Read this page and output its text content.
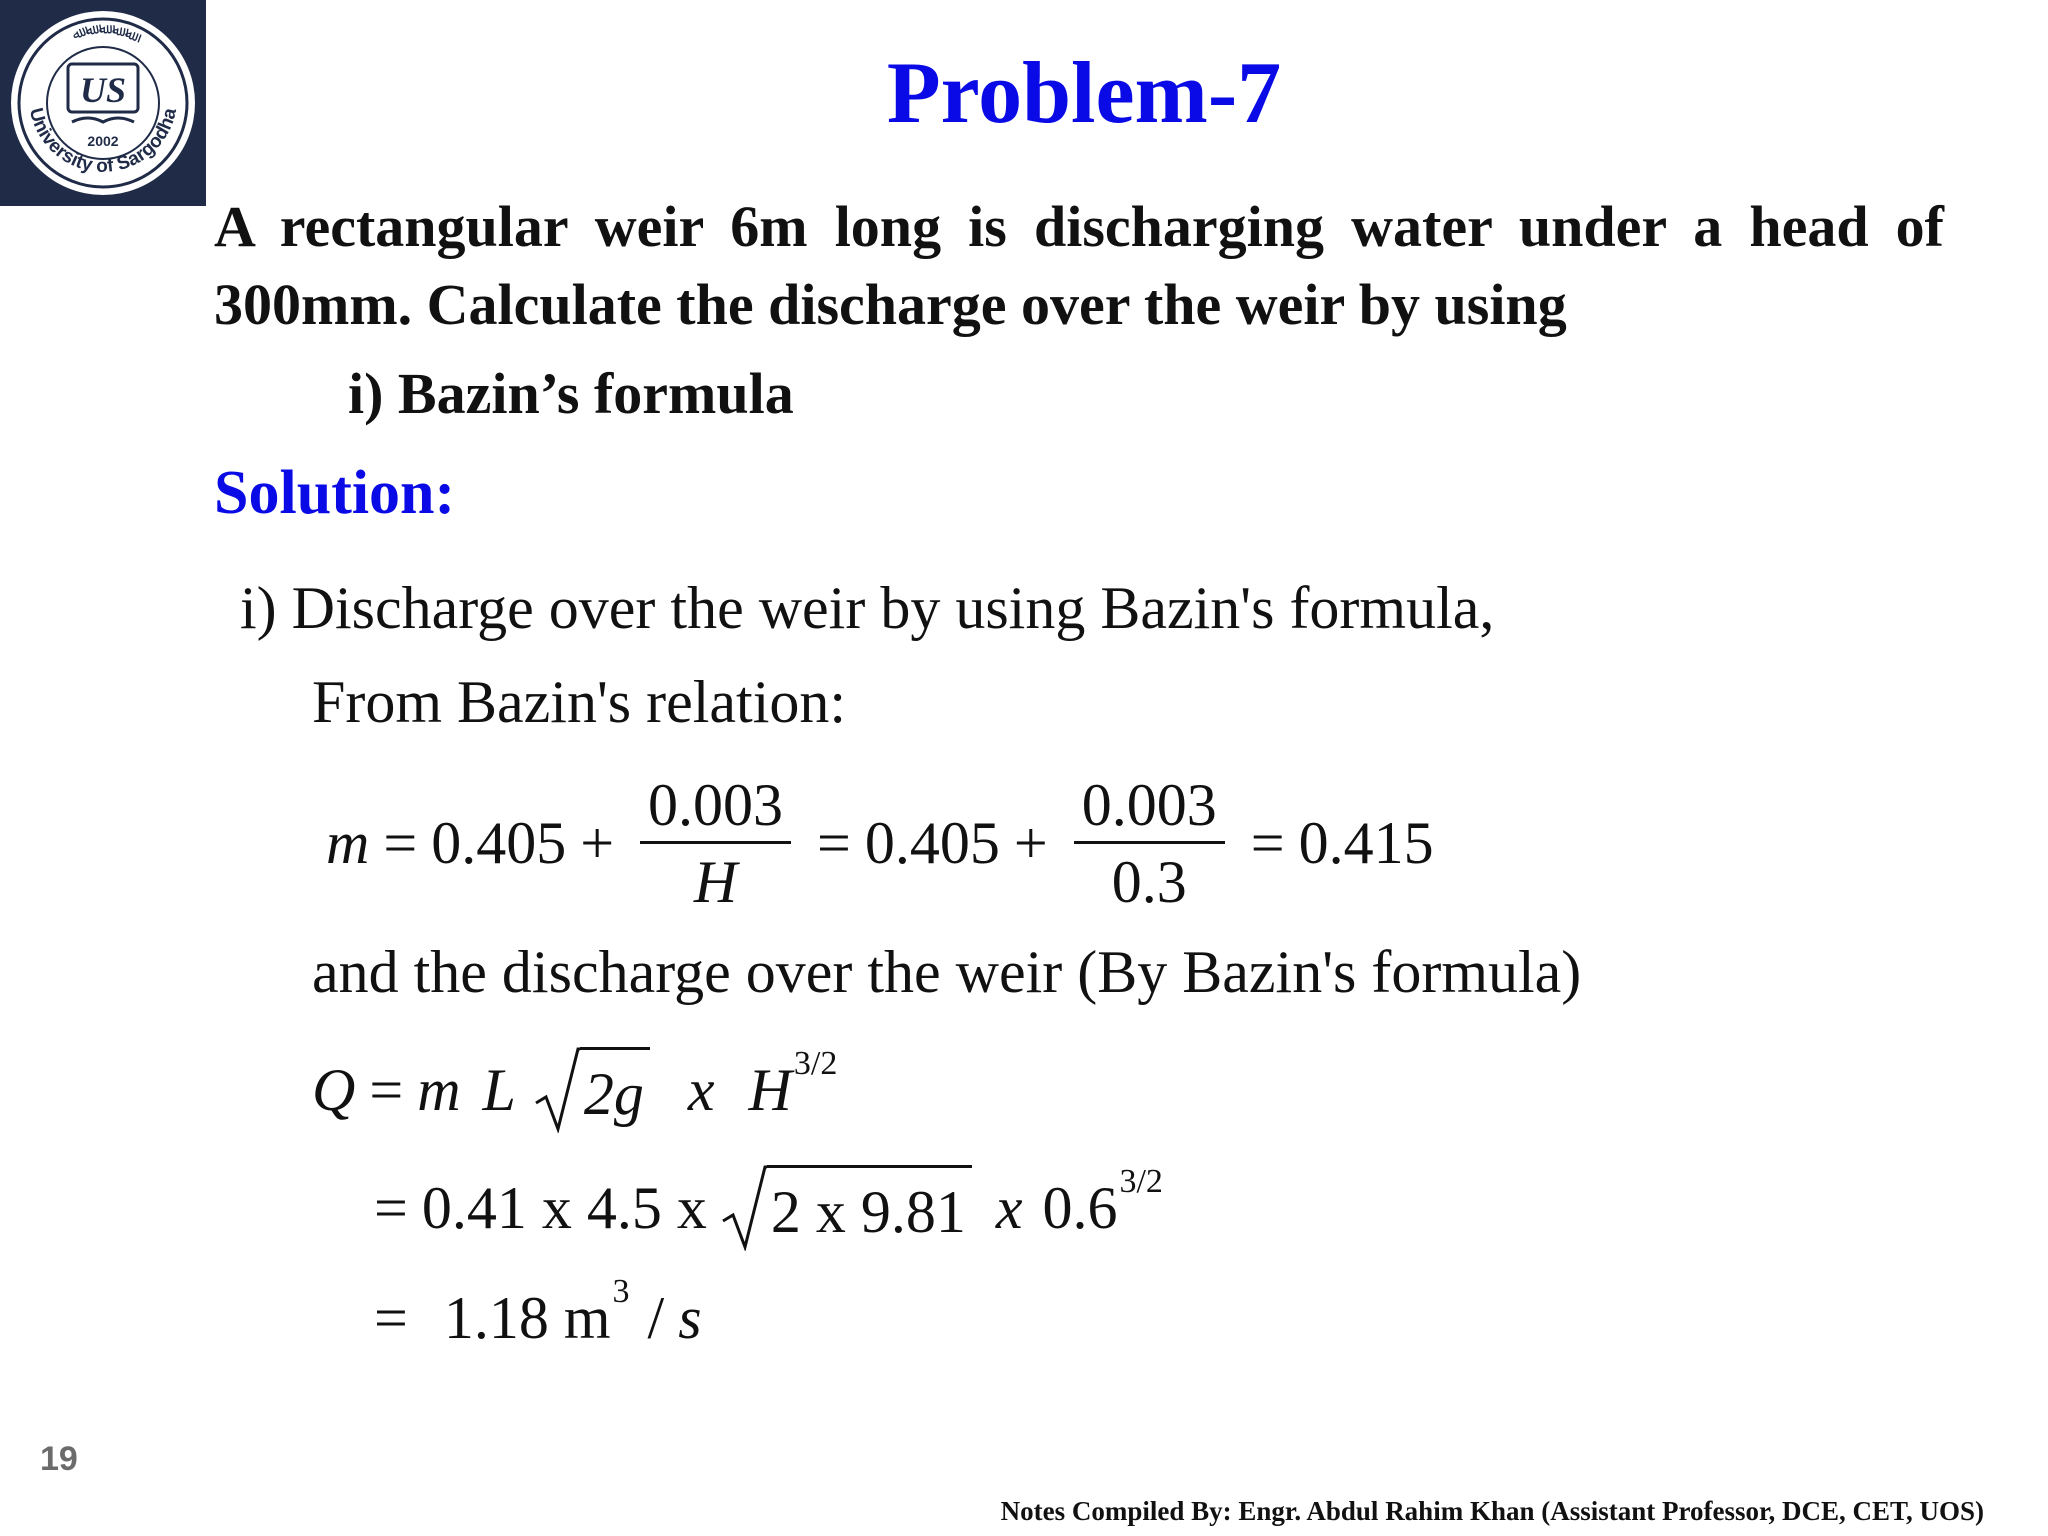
University of Sargodha
ﷲ ﷲ ﷲ ﷲ ﷲ
US
2002	Problem-7
A rectangular weir 6m long is discharging water under a head of 300mm. Calculate the discharge over the weir by using
i) Bazin’s formula
Solution:
i) Discharge over the weir by using Bazin's formula,
From Bazin's relation:
$m = 0.405 + \frac{0.003}{H} = 0.405 + \frac{0.003}{0.3} = 0.415$
and the discharge over the weir (By Bazin's formula)
Q = m L 2g x $H^{3/2}$
= 0.41 x 4.5 x 2 x 9.81 x $0.6^{3/2}$
= 1.18 $m^3$ / s
19
Notes Compiled By: Engr. Abdul Rahim Khan (Assistant Professor, DCE, CET, UOS)
